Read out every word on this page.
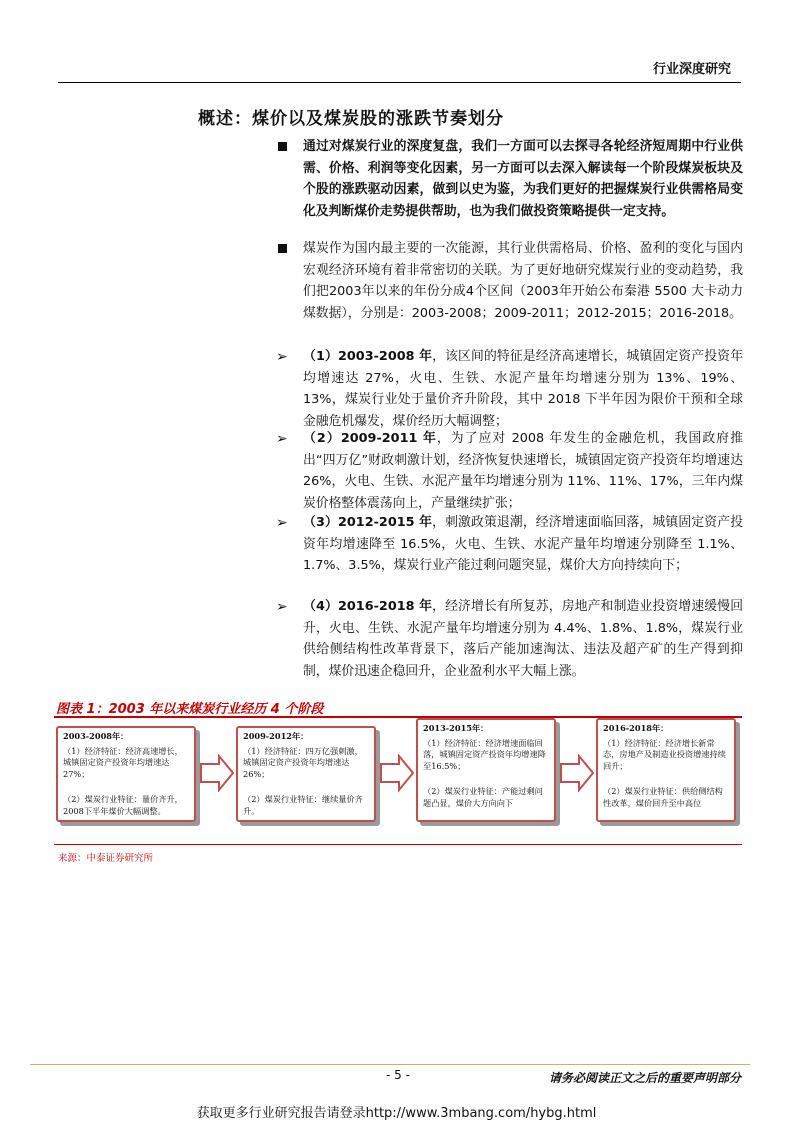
行业深度研究
概述：煤价以及煤炭股的涨跌节奏划分
通过对煤炭行业的深度复盘，我们一方面可以去探寻各轮经济短周期中行业供需、价格、利润等变化因素，另一方面可以去深入解读每一个阶段煤炭板块及个股的涨跌驱动因素，做到以史为鉴，为我们更好的把握煤炭行业供需格局变化及判断煤价走势提供帮助，也为我们做投资策略提供一定支持。
煤炭作为国内最主要的一次能源，其行业供需格局、价格、盈利的变化与国内宏观经济环境有着非常密切的关联。为了更好地研究煤炭行业的变动趋势，我们把2003年以来的年份分成4个区间（2003年开始公布秦港 5500 大卡动力煤数据），分别是：2003-2008；2009-2011；2012-2015；2016-2018。
➢ （1）2003-2008 年，该区间的特征是经济高速增长，城镇固定资产投资年均增速达 27%，火电、生铁、水泥产量年均增速分别为 13%、19%、13%，煤炭行业处于量价齐升阶段，其中 2018 下半年因为限价干预和全球金融危机爆发，煤价经历大幅调整；
➢ （2）2009-2011 年，为了应对 2008 年发生的金融危机，我国政府推出“四万亿”财政刺激计划，经济恢复快速增长，城镇固定资产投资年均增速达 26%，火电、生铁、水泥产量年均增速分别为 11%、11%、17%，三年内煤炭价格整体震荡向上，产量继续扩张；
➢ （3）2012-2015 年，刺激政策退潮，经济增速面临回落，城镇固定资产投资年均增速降至 16.5%，火电、生铁、水泥产量年均增速分别降至 1.1%、1.7%、3.5%，煤炭行业产能过剩问题突显，煤价大方向持续向下；
➢ （4）2016-2018 年，经济增长有所复苏，房地产和制造业投资增速缓慢回升，火电、生铁、水泥产量年均增速分别为 4.4%、1.8%、1.8%，煤炭行业供给侧结构性改革背景下，落后产能加速淘汰、违法及超产矿的生产得到抑制，煤价迅速企稳回升，企业盈利水平大幅上涨。
图表 1：2003 年以来煤炭行业经历 4 个阶段
2003-2008年：
（1）经济特征：经济高速增长，
城镇固定资产投资年均增速达
27%；
（2）煤炭行业特征：量价齐升，
2008下半年煤价大幅调整。
2009-2012年：
（1）经济特征：四万亿强刺激，
城镇固定资产投资年均增速达
26%；
（2）煤炭行业特征：继续量价齐
升。
2013-2015年：
（1）经济特征：经济增速面临回
落，城镇固定资产投资年均增速降
至16.5%；
（2）煤炭行业特征：产能过剩问
题凸显，煤价大方向向下
2016-2018年：
（1）经济特征：经济增长新常
态，房地产及制造业投资增速持续
回升；
（2）煤炭行业特征：供给侧结构
性改革，煤价回升至中高位
来源：中泰证券研究所
- 5 -	请务必阅读正文之后的重要声明部分
获取更多行业研究报告请登录http://www.3mbang.com/hybg.html
